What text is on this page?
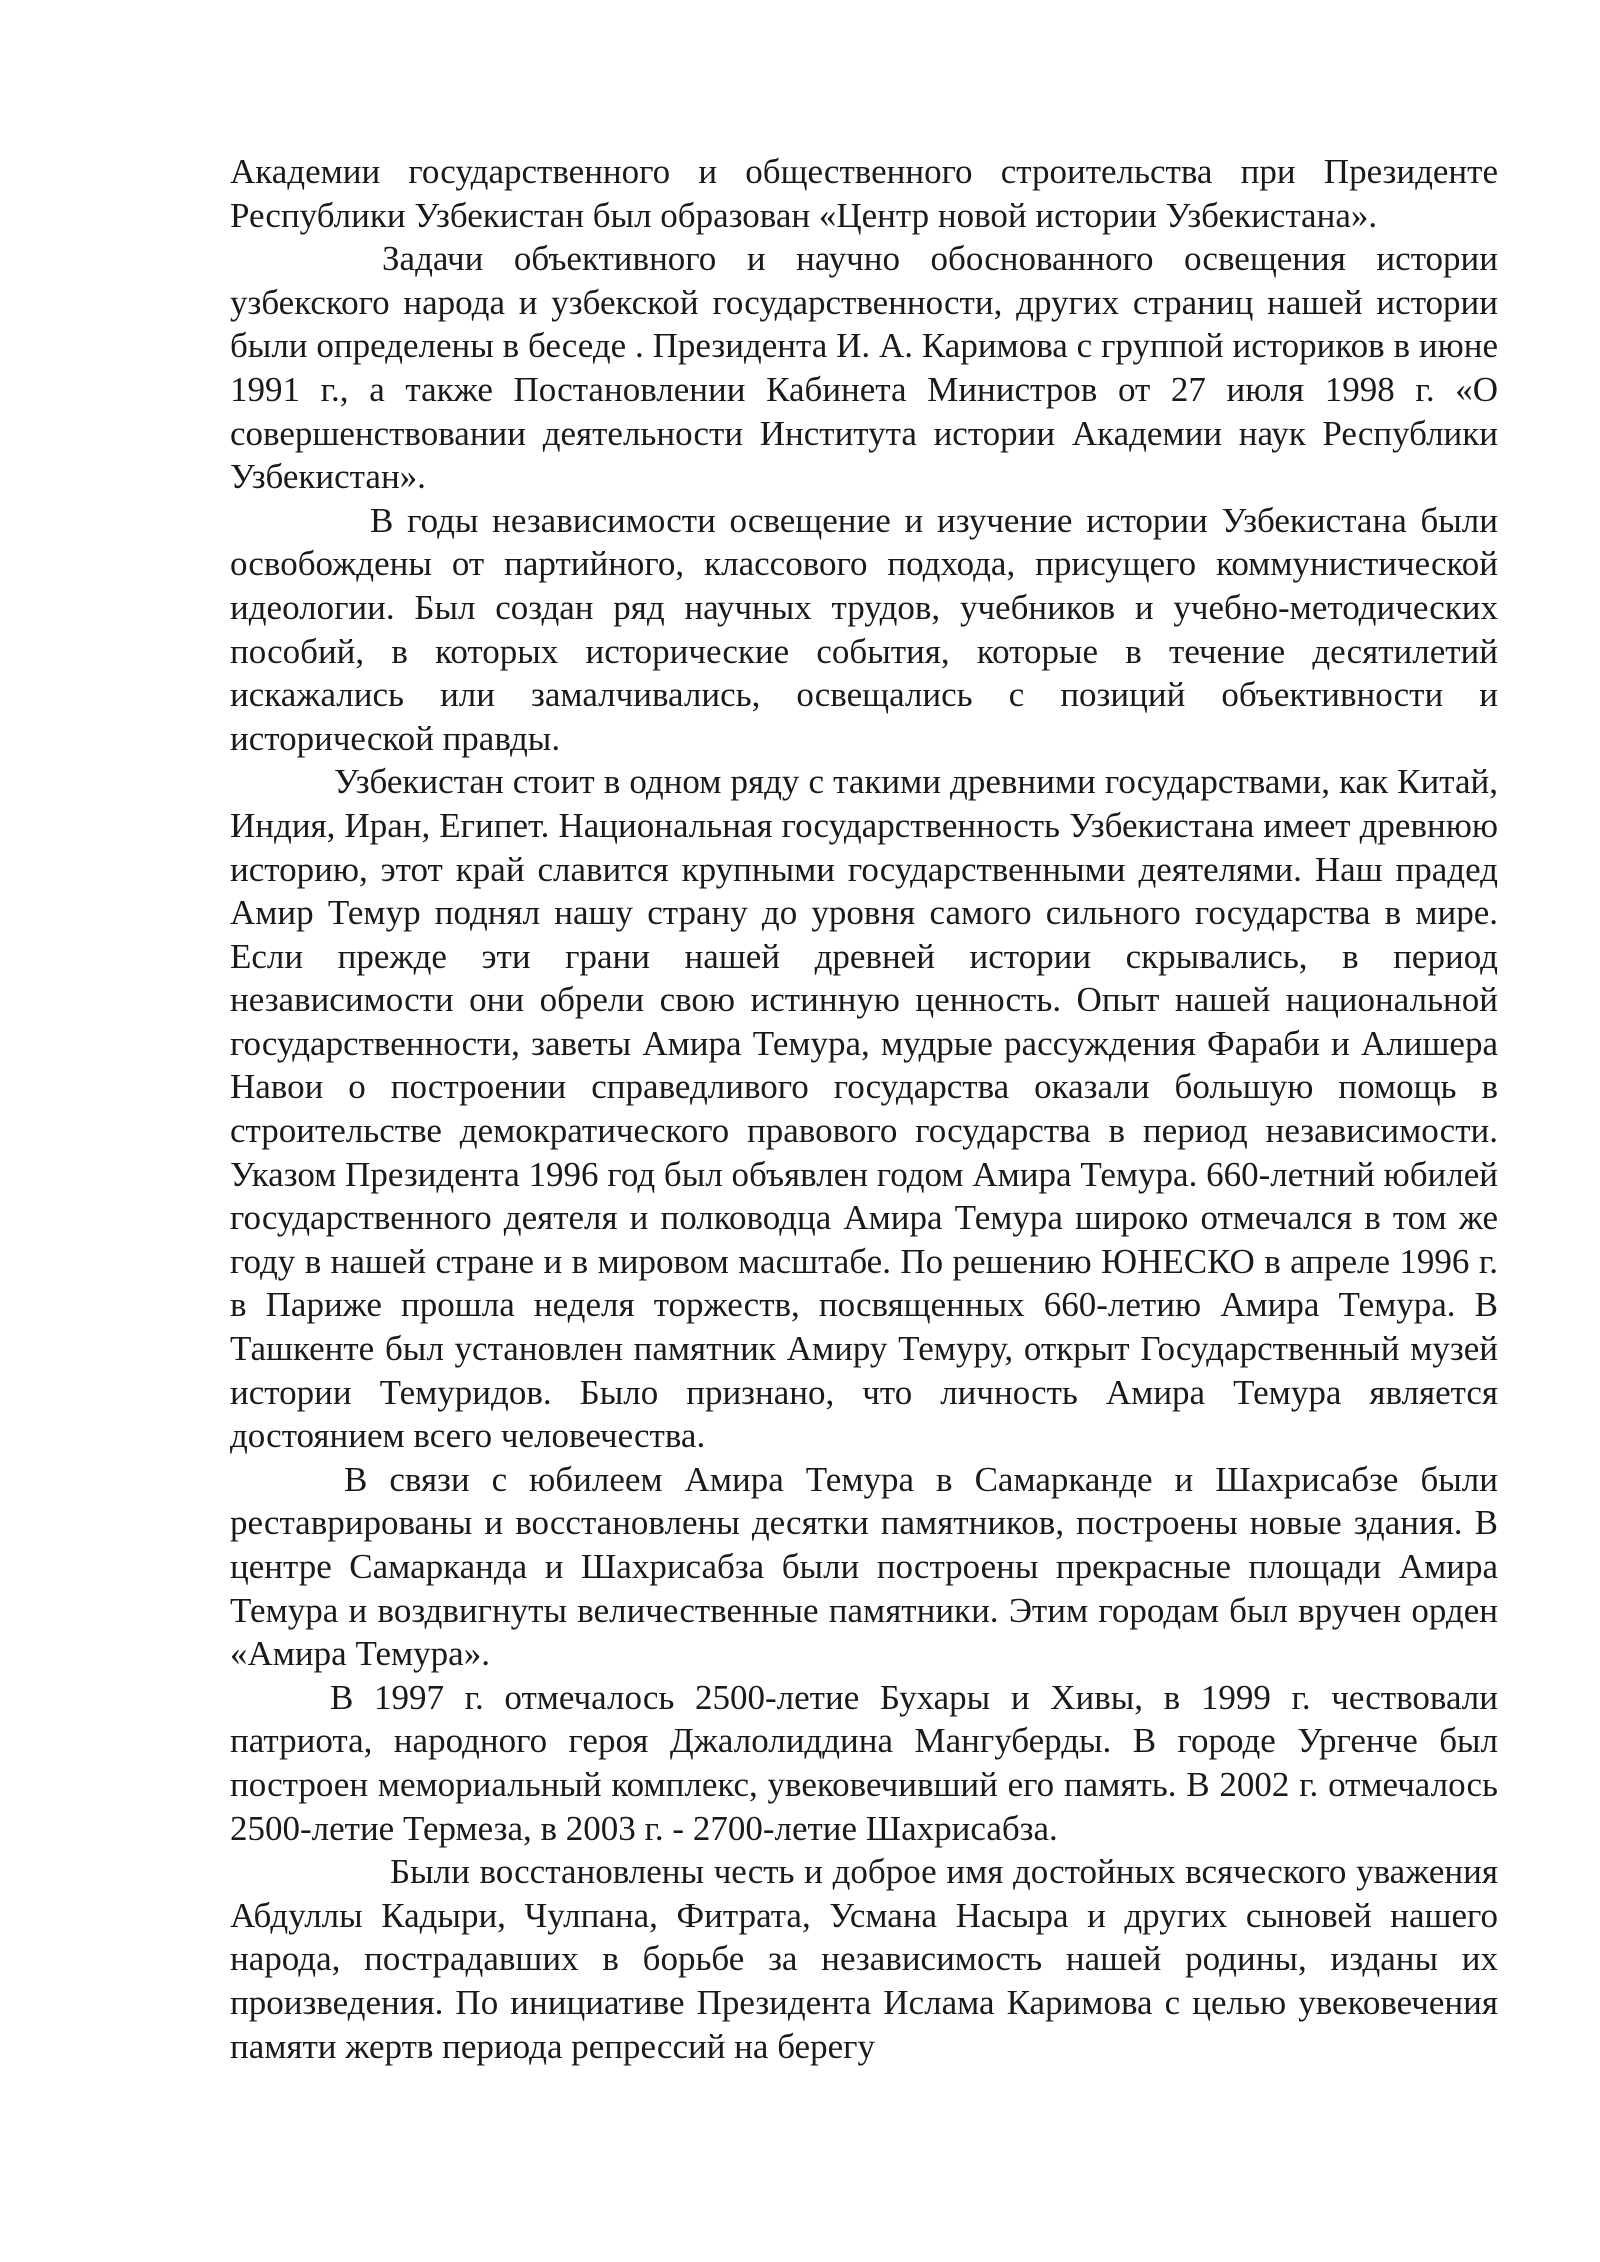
Академии государственного и общественного строительства при Президенте Республики Узбекистан был образован «Центр новой истории Узбекистана».

Задачи объективного и научно обоснованного освещения истории узбекского народа и узбекской государственности, других страниц нашей истории были определены в беседе . Президента И. А. Каримова с группой историков в июне 1991 г., а также Постановлении Кабинета Министров от 27 июля 1998 г. «О совершенствовании деятельности Института истории Академии наук Республики Узбекистан».

В годы независимости освещение и изучение истории Узбекистана были освобождены от партийного, классового подхода, присущего коммунистической идеологии. Был создан ряд научных трудов, учебников и учебно-методических пособий, в которых исторические события, которые в течение десятилетий искажались или замалчивались, освещались с позиций объективности и исторической правды.

Узбекистан стоит в одном ряду с такими древними государствами, как Китай, Индия, Иран, Египет. Национальная государственность Узбекистана имеет древнюю историю, этот край славится крупными государственными деятелями. Наш прадед Амир Темур поднял нашу страну до уровня самого сильного государства в мире. Если прежде эти грани нашей древней истории скрывались, в период независимости они обрели свою истинную ценность. Опыт нашей национальной государственности, заветы Амира Темура, мудрые рассуждения Фараби и Алишера Навои о построении справедливого государства оказали большую помощь в строительстве демократического правового государства в период независимости. Указом Президента 1996 год был объявлен годом Амира Темура. 660-летний юбилей государственного деятеля и полководца Амира Темура широко отмечался в том же году в нашей стране и в мировом масштабе. По решению ЮНЕСКО в апреле 1996 г. в Париже прошла неделя торжеств, посвященных 660-летию Амира Темура. В Ташкенте был установлен памятник Амиру Темуру, открыт Государственный музей истории Темуридов. Было признано, что личность Амира Темура является достоянием всего человечества.

В связи с юбилеем Амира Темура в Самарканде и Шахрисабзе были реставрированы и восстановлены десятки памятников, построены новые здания. В центре Самарканда и Шахрисабза были построены прекрасные площади Амира Темура и воздвигнуты величественные памятники. Этим городам был вручен орден «Амира Темура».

В 1997 г. отмечалось 2500-летие Бухары и Хивы, в 1999 г. чествовали патриота, народного героя Джалолиддина Мангуберды. В городе Ургенче был построен мемориальный комплекс, увековечивший его память. В 2002 г. отмечалось 2500-летие Термеза, в 2003 г. - 2700-летие Шахрисабза.

Были восстановлены честь и доброе имя достойных всяческого уважения Абдуллы Кадыри, Чулпана, Фитрата, Усмана Насыра и других сыновей нашего народа, пострадавших в борьбе за независимость нашей родины, изданы их произведения. По инициативе Президента Ислама Каримова с целью увековечения памяти жертв периода репрессий на берегу
